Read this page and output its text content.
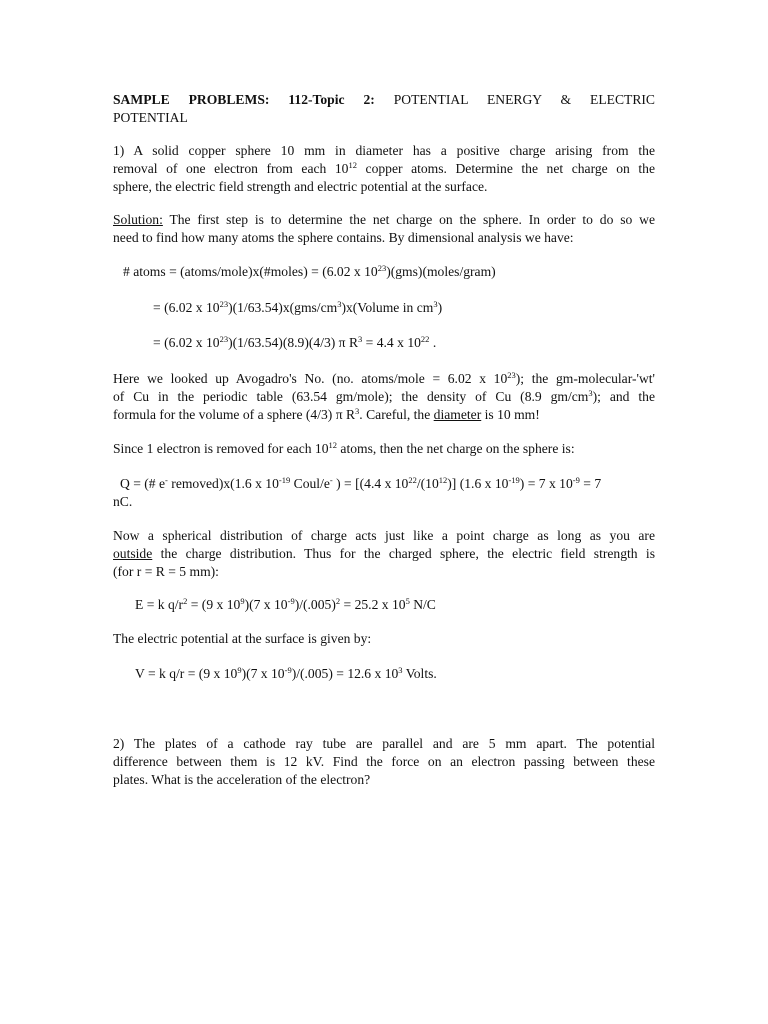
SAMPLE PROBLEMS: 112-Topic 2: POTENTIAL ENERGY & ELECTRIC
POTENTIAL
1) A solid copper sphere 10 mm in diameter has a positive charge arising from the
removal of one electron from each $10^{12}$ copper atoms. Determine the net charge on the
sphere, the electric field strength and electric potential at the surface.
Solution: The first step is to determine the net charge on the sphere. In order to do so we
need to find how many atoms the sphere contains. By dimensional analysis we have:
# atoms = (atoms/mole)x(#moles) = (6.02 x $10^{23})(gms)(moles/gram)$
= (6.02 x $10^{23})(1/63.54)x(gms/cm^3)x(Volume$ in $cm^3$)
= (6.02 x $10^{23})(1/63.54)(8.9)(4/3)$ π $R^3 = 4.4$ x $10^{22}$ .
Here we looked up Avogadro's No. (no. atoms/mole = 6.02 x $10^{23}$); the gm-molecular-'wt'
of Cu in the periodic table (63.54 gm/mole); the density of Cu (8.9 $gm/cm^3$); and the
formula for the volume of a sphere (4/3) π $R^3$. Careful, the diameter is 10 mm!
Since 1 electron is removed for each $10^{12}$ atoms, then the net charge on the sphere is:
Q = (# e- removed)x(1.6 x $10^{-19}$ Coul/e- ) = [(4.4 x $10^{22}/(10^{12})$] (1.6 x $10^{-19}) = 7$ x $10^{-9} = 7$
nC.
Now a spherical distribution of charge acts just like a point charge as long as you are
outside the charge distribution. Thus for the charged sphere, the electric field strength is
(for r = R = 5 mm):
E = k $q/r^2 = (9$ x $10^9)(7$ x $10^{-9})/(.005)^2 = 25.2$ x $10^5$ N/C
The electric potential at the surface is given by:
V = k q/r = (9 x $10^9)(7$ x $10^{-9})/(.005) = 12.6$ x $10^3$ Volts.
2) The plates of a cathode ray tube are parallel and are 5 mm apart. The potential
difference between them is 12 kV. Find the force on an electron passing between these
plates. What is the acceleration of the electron?
